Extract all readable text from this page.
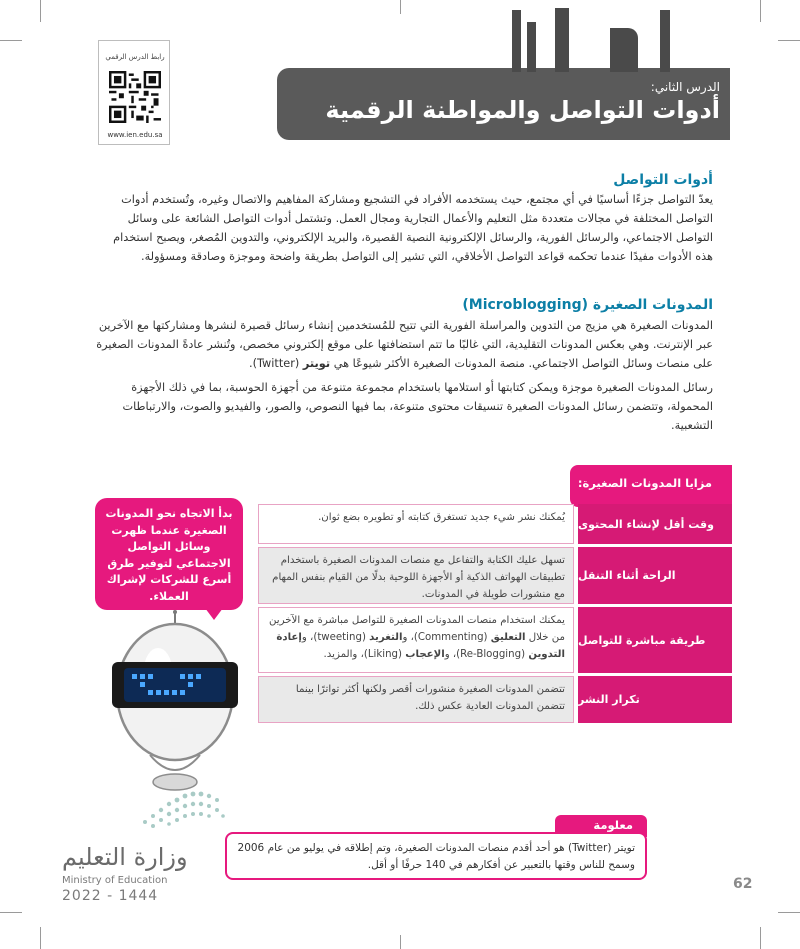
رابط الدرس الرقمي
www.ien.edu.sa
الدرس الثاني:
أدوات التواصل والمواطنة الرقمية
أدوات التواصل
يعدّ التواصل جزءًا أساسيًا في أي مجتمع، حيث يستخدمه الأفراد في التشجيع ومشاركة المفاهيم والاتصال وغيره، وتُستخدم أدوات التواصل المختلفة في مجالات متعددة مثل التعليم والأعمال التجارية ومجال العمل. وتشتمل أدوات التواصل الشائعة على وسائل التواصل الاجتماعي، والرسائل الفورية، والرسائل الإلكترونية النصية القصيرة، والبريد الإلكتروني، والتدوين المُصغر، ويصبح استخدام هذه الأدوات مفيدًا عندما تحكمه قواعد التواصل الأخلاقي، التي تشير إلى التواصل بطريقة واضحة وموجزة وصادقة ومسؤولة.
المدونات الصغيرة (Microblogging)
المدونات الصغيرة هي مزيج من التدوين والمراسلة الفورية التي تتيح للمُستخدمين إنشاء رسائل قصيرة لنشرها ومشاركتها مع الآخرين عبر الإنترنت. وهي بعكس المدونات التقليدية، التي غالبًا ما تتم استضافتها على موقع إلكتروني مخصص، وتُنشر عادةً المدونات الصغيرة على منصات وسائل التواصل الاجتماعي. منصة المدونات الصغيرة الأكثر شيوعًا هي تويتر (Twitter).
رسائل المدونات الصغيرة موجزة ويمكن كتابتها أو استلامها باستخدام مجموعة متنوعة من أجهزة الحوسبة، بما في ذلك الأجهزة المحمولة، وتتضمن رسائل المدونات الصغيرة تنسيقات محتوى متنوعة، بما فيها النصوص، والصور، والفيديو والصوت، والارتباطات التشعبية.
مزايا المدونات الصغيرة:
وقت أقل لإنشاء المحتوى
يُمكنك نشر شيء جديد تستغرق كتابته أو تطويره بضع ثوان.
الراحة أثناء التنقل
تسهل عليك الكتابة والتفاعل مع منصات المدونات الصغيرة باستخدام تطبيقات الهواتف الذكية أو الأجهزة اللوحية بدلًا من القيام بنفس المهام مع منشورات طويلة في المدونات.
طريقة مباشرة للتواصل
يمكنك استخدام منصات المدونات الصغيرة للتواصل مباشرة مع الآخرين من خلال التعليق (Commenting)، والتغريد (tweeting)، وإعادة التدوين (Re-Blogging)، والإعجاب (Liking)، والمزيد.
تكرار النشر
تتضمن المدونات الصغيرة منشورات أقصر ولكنها أكثر تواترًا بينما تتضمن المدونات العادية عكس ذلك.
بدأ الاتجاه نحو المدونات الصغيرة عندما ظهرت وسائل التواصل الاجتماعي لتوفير طرق أسرع للشركات لإشراك العملاء.
معلومة
تويتر (Twitter) هو أحد أقدم منصات المدونات الصغيرة، وتم إطلاقه في يوليو من عام 2006 وسمح للناس وقتها بالتعبير عن أفكارهم في 140 حرفًا أو أقل.
وزارة التعليم
Ministry of Education
2022 - 1444
62
